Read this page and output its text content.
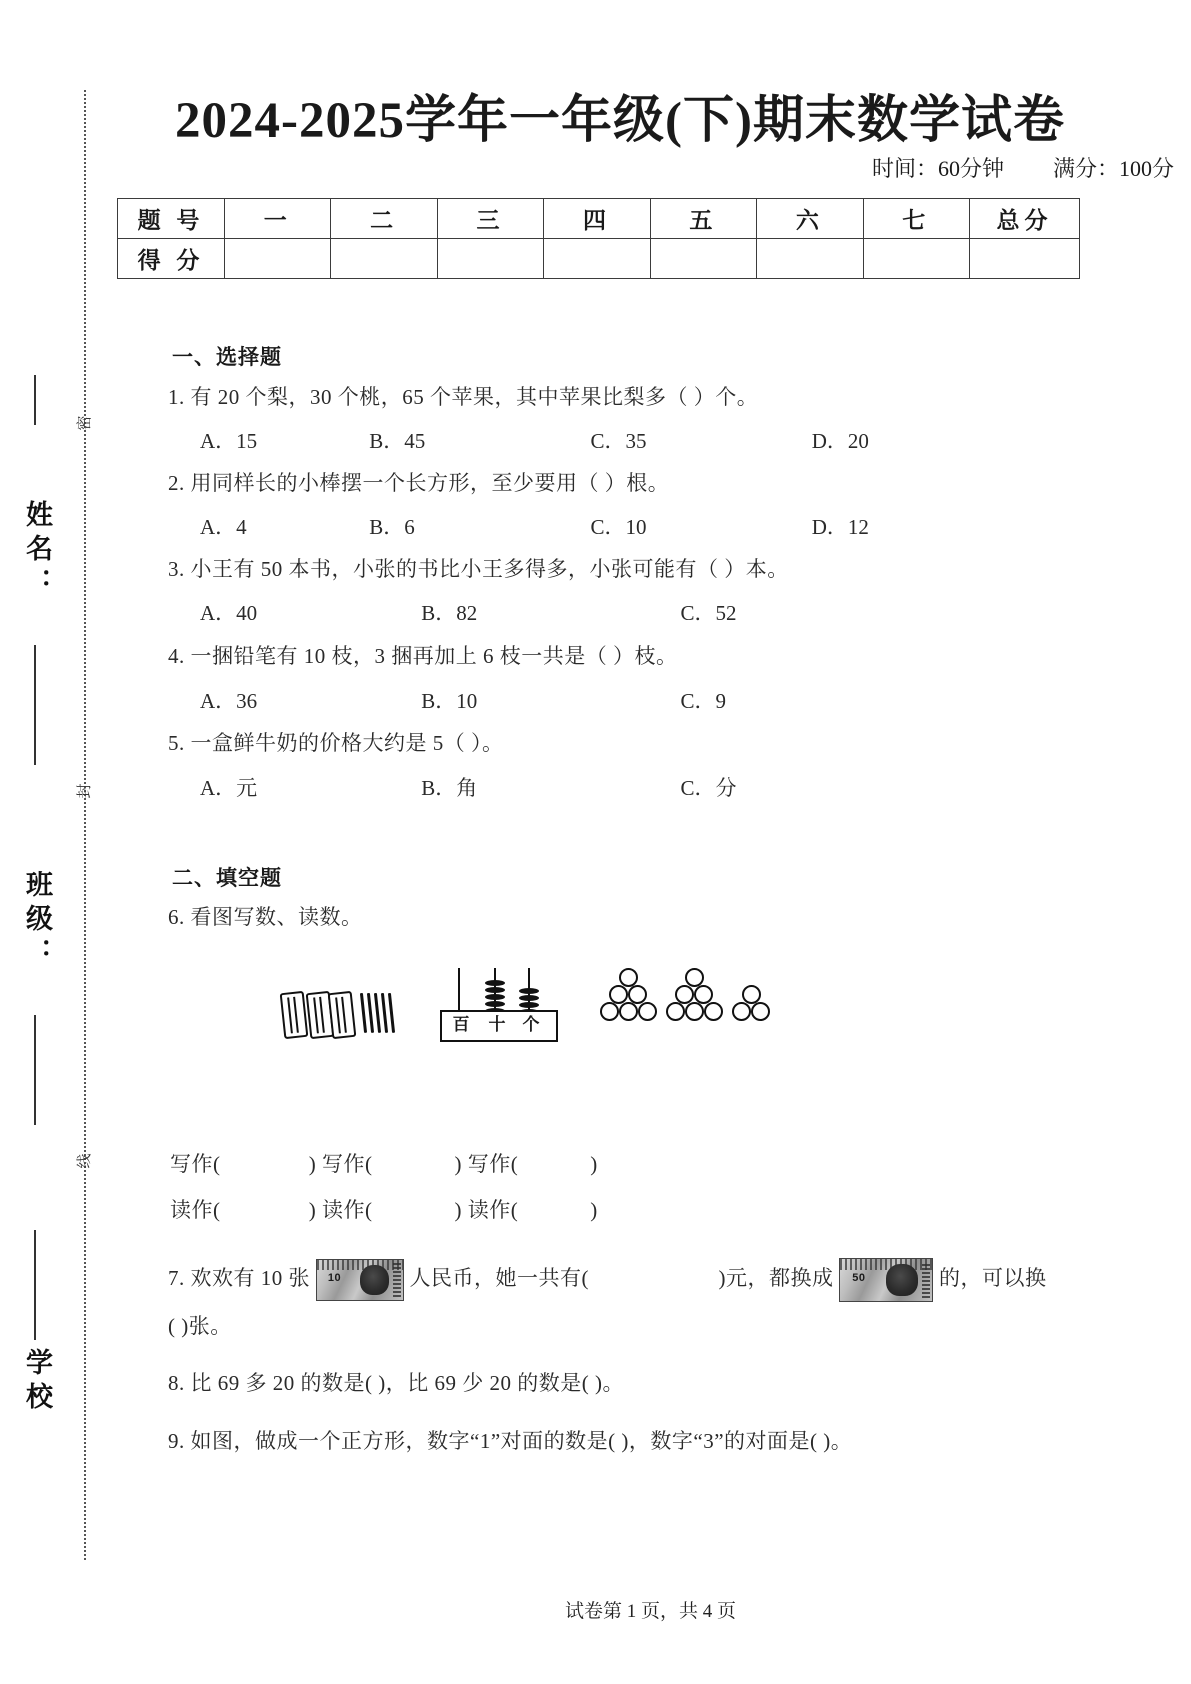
密
姓名：
封
班级：
线
学校
2024-2025学年一年级(下)期末数学试卷
时间：60分钟 满分：100分
题 号	一	二	三	四	五	六	七	总分
得 分								
一、选择题
1. 有 20 个梨，30 个桃，65 个苹果，其中苹果比梨多（ ）个。
A．15	B．45	C．35	D．20
2. 用同样长的小棒摆一个长方形，至少要用（ ）根。
A．4	B．6	C．10	D．12
3. 小王有 50 本书，小张的书比小王多得多，小张可能有（ ）本。
A．40	B．82	C．52
4. 一捆铅笔有 10 枝，3 捆再加上 6 枝一共是（ ）枝。
A．36	B．10	C．9
5. 一盒鲜牛奶的价格大约是 5（ ）。
A．元	B．角	C．分
二、填空题
6. 看图写数、读数。
百	十	个
写作(	) 写作(	) 写作(	)
读作(	) 读作(	) 读作(	)
7. 欢欢有 10 张 10	人民币，她一共有(	)元，都换成 50	的，可以换
( )张。
8. 比 69 多 20 的数是( )，比 69 少 20 的数是( )。
9. 如图，做成一个正方形，数字“1”对面的数是( )，数字“3”的对面是( )。
试卷第 1 页，共 4 页
